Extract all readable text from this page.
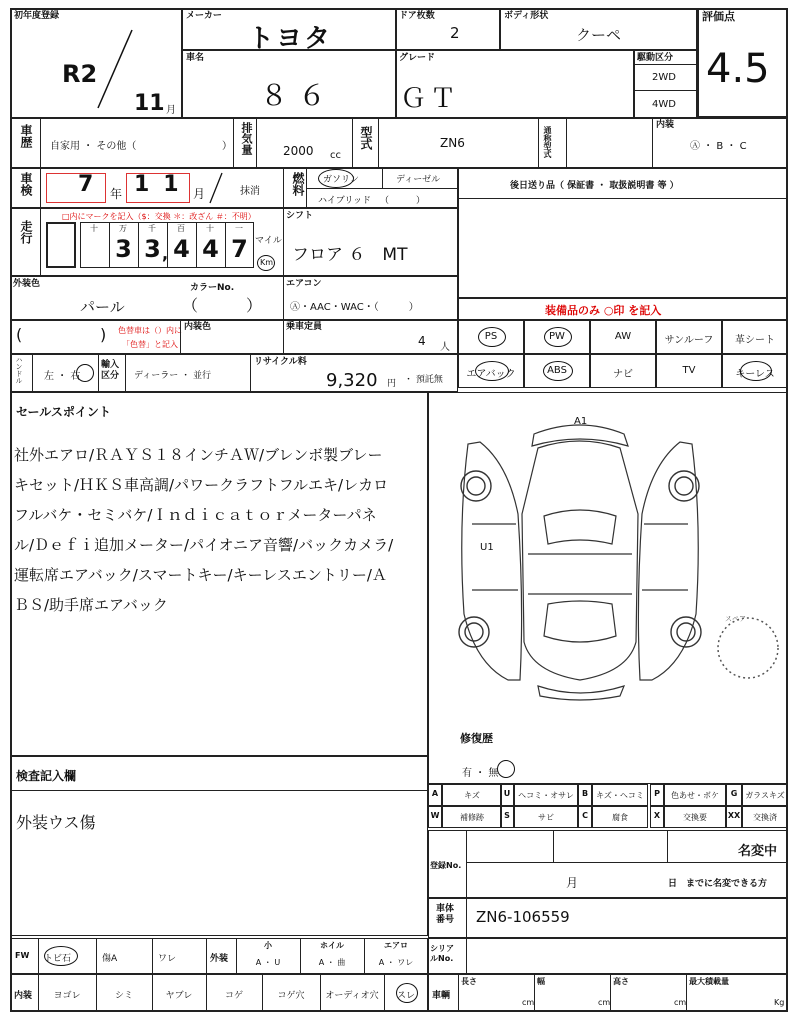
初年度登録
R2
11 月
メーカー
トヨタ
ドア枚数
2
ボディ形状
クーペ
評価点
4.5
車名
８６
グレード
ＧＴ
駆動区分
2WD
4WD
車歴 自家用 ・ その他（	） 排気量	2000 cc
型式	ZN6	通称型式
内装
Ⓐ ・ B ・ C
車検 7 年 11 月	抹消	燃料 ガソリン	ディーゼル
ハイブリッド （　　　）
後日送り品（ 保証書 ・ 取扱説明書 等 ）
走行
□内にマークを記入（$：交換 ＊：改ざん ＃：不明）
マイル
Km
シフト
フロア ６　MT
外装色
パール
カラーNo.
（　　　）
エアコン
Ⓐ・AAC・WAC・（　　　）
(	) 色替車は（）内に
「色替」と記入
内装色	乗車定員
4 人
装備品のみ ○印 を記入
ハンドル 左 ・ 右
輸入区分	ディーラー ・ 並行
リサイクル料
9,320 円 ・ 預託無
セールスポイント
社外エアロ/ＲＡＹＳ１８インチＡＷ/ブレンボ製ブレー
キセット/ＨＫＳ車高調/パワークラフトフルエキ/レカロ
フルバケ・セミバケ/Ｉｎｄｉｃａｔｏｒメーターパネ
ル/Ｄｅｆｉ追加メーター/パイオニア音響/バックカメラ/
運転席エアバック/スマートキー/キーレスエントリー/Ａ
ＢＳ/助手席エアバック
A1
U1
スペア
修復歴
有 ・ 無
検査記入欄
外装ウス傷
登録No.
名変中
月	日　までに名変できる方
車体番号 ZN6-106559
十	万
3
千
3
百
4
十
4
一
7
,
PS	PW	AW	サンルーフ	革シート
エアバック	ABS	ナビ	TV	キーレス
A	キズ	U ヘコミ・オサレ	B	キズ・ヘコミ	P	色あせ・ボケ	G ガラスキズ
W	補修跡	S	サビ	C	腐食	X	交換要	XX	交換済
FW トビ石	傷A	ワレ	外装
小
A ・ U
ホイル
A ・ 曲
エアロ
A ・ ワレ
シリアルNo.
内装	ヨゴレ	シミ	ヤブレ	コゲ	コゲ穴	オーディオ穴	スレ	車輌
長さ
cm
幅
cm
高さ
cm
最大積載量
Kg
